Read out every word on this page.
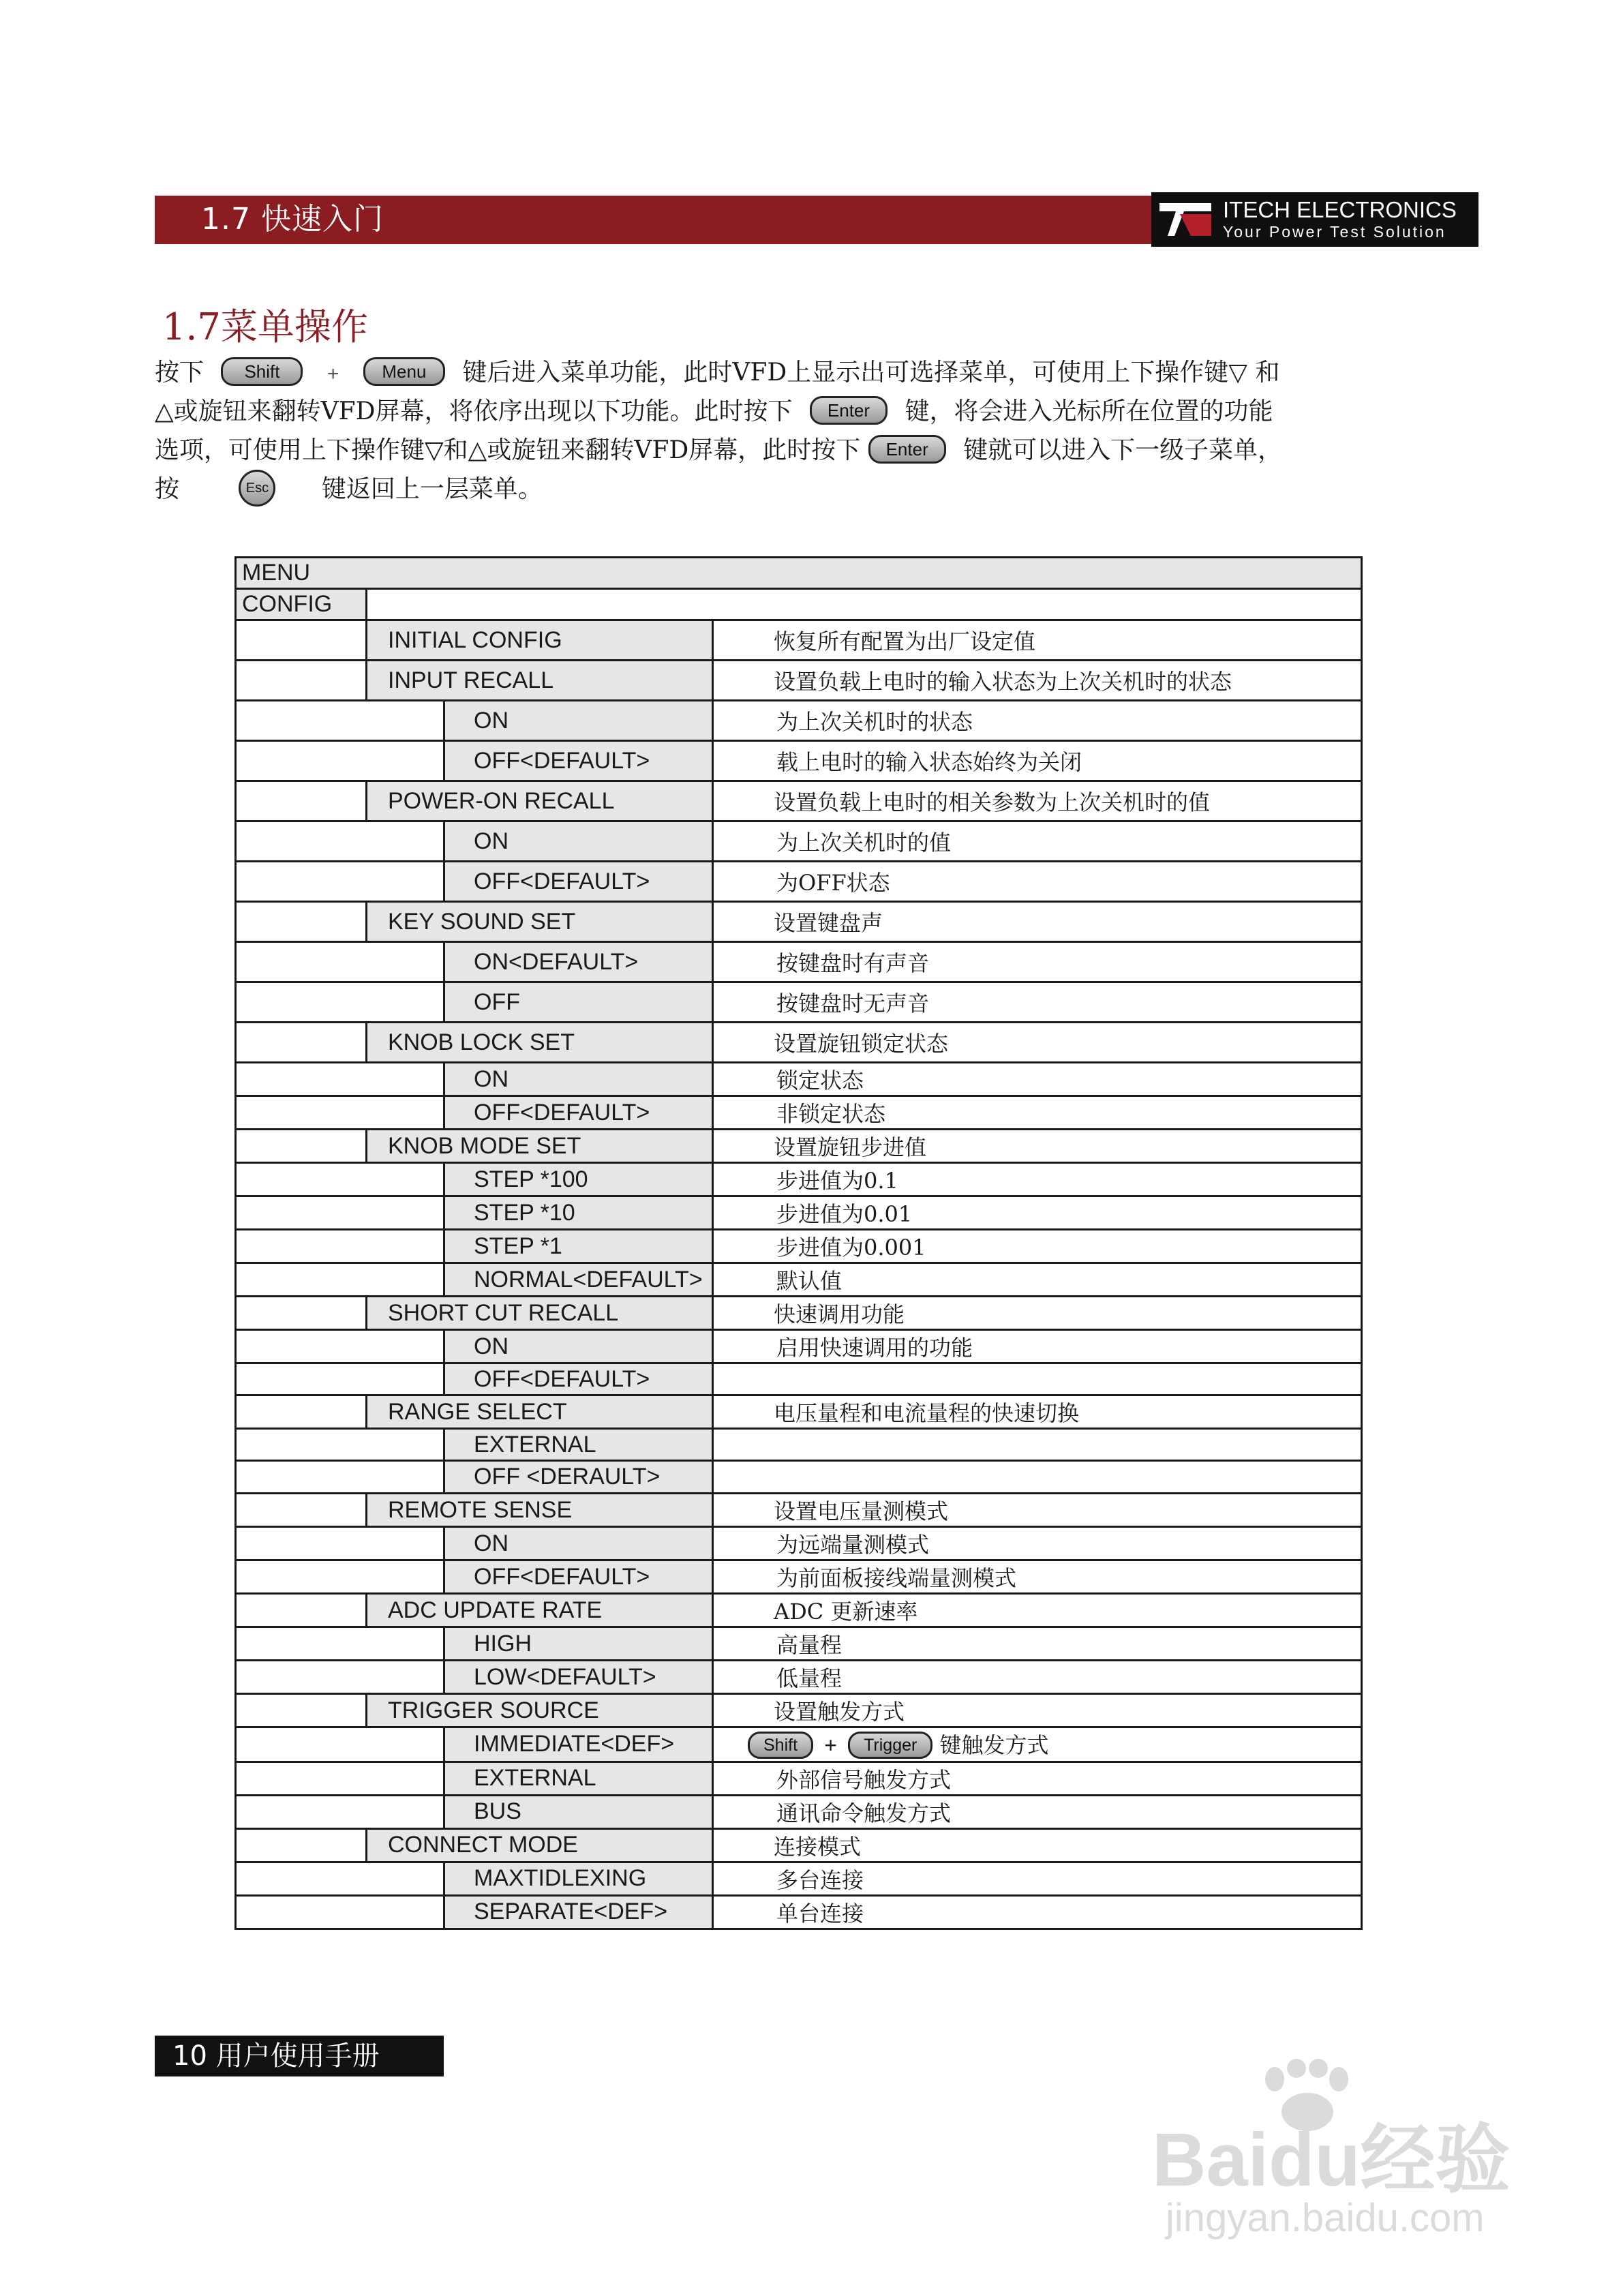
1.7 快速入门	ITECH ELECTRONICS
Your Power Test Solution
1.7菜单操作
按下 Shift + Menu 键后进入菜单功能，此时VFD上显示出可选择菜单，可使用上下操作键▽ 和
△或旋钮来翻转VFD屏幕，将依序出现以下功能。此时按下 Enter 键，将会进入光标所在位置的功能
选项，可使用上下操作键▽和△或旋钮来翻转VFD屏幕，此时按下 Enter 键就可以进入下一级子菜单，
按	Esc 键返回上一层菜单。
MENU			
CONFIG			
	INITIAL CONFIG		恢复所有配置为出厂设定值
	INPUT RECALL		设置负载上电时的输入状态为上次关机时的状态
		ON	为上次关机时的状态
		OFF<DEFAULT>	载上电时的输入状态始终为关闭
	POWER-ON RECALL		设置负载上电时的相关参数为上次关机时的值
		ON	为上次关机时的值
		OFF<DEFAULT>	为OFF状态
	KEY SOUND SET		设置键盘声
		ON<DEFAULT>	按键盘时有声音
		OFF	按键盘时无声音
	KNOB LOCK SET		设置旋钮锁定状态
		ON	锁定状态
		OFF<DEFAULT>	非锁定状态
	KNOB MODE SET		设置旋钮步进值
		STEP *100	步进值为0.1
		STEP *10	步进值为0.01
		STEP *1	步进值为0.001
		NORMAL<DEFAULT>	默认值
	SHORT CUT RECALL		快速调用功能
		ON	启用快速调用的功能
		OFF<DEFAULT>	
	RANGE SELECT		电压量程和电流量程的快速切换
		EXTERNAL	
		OFF <DERAULT>	
	REMOTE SENSE		设置电压量测模式
		ON	为远端量测模式
		OFF<DEFAULT>	为前面板接线端量测模式
	ADC UPDATE RATE		ADC 更新速率
		HIGH	高量程
		LOW<DEFAULT>	低量程
	TRIGGER SOURCE		设置触发方式
		IMMEDIATE<DEF>	Shift + Trigger 键触发方式
		EXTERNAL	外部信号触发方式
		BUS	通讯命令触发方式
	CONNECT MODE		连接模式
		MAXTIDLEXING	多台连接
		SEPARATE<DEF>	单台连接
10 用户使用手册
Baidu经验
jingyan.baidu.com
